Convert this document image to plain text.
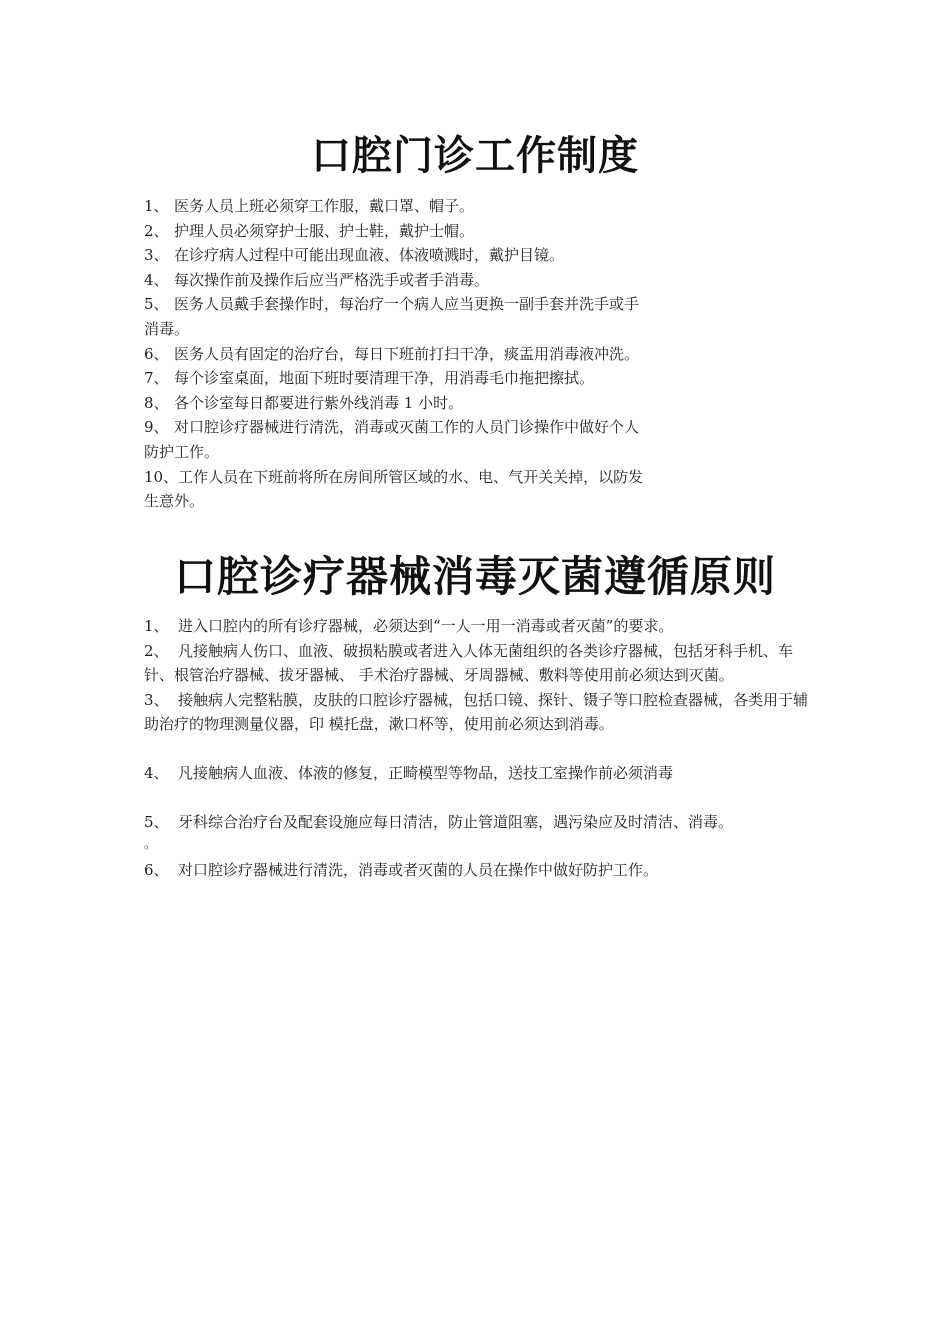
口腔门诊工作制度
1、 医务人员上班必须穿工作服，戴口罩、帽子。
2、 护理人员必须穿护士服、护士鞋，戴护士帽。
3、 在诊疗病人过程中可能出现血液、体液喷溅时，戴护目镜。
4、 每次操作前及操作后应当严格洗手或者手消毒。
5、 医务人员戴手套操作时，每治疗一个病人应当更换一副手套并洗手或手消毒。
6、 医务人员有固定的治疗台，每日下班前打扫干净，痰盂用消毒液冲洗。
7、 每个诊室桌面，地面下班时要清理干净，用消毒毛巾拖把擦拭。
8、 各个诊室每日都要进行紫外线消毒 1 小时。
9、 对口腔诊疗器械进行清洗，消毒或灭菌工作的人员门诊操作中做好个人防护工作。
10、工作人员在下班前将所在房间所管区域的水、电、气开关关掉，以防发生意外。
口腔诊疗器械消毒灭菌遵循原则
1、 进入口腔内的所有诊疗器械，必须达到“一人一用一消毒或者灭菌”的要求。
2、 凡接触病人伤口、血液、破损粘膜或者进入人体无菌组织的各类诊疗器械，包括牙科手机、车针、根管治疗器械、拔牙器械、 手术治疗器械、牙周器械、敷料等使用前必须达到灭菌。
3、 接触病人完整粘膜，皮肤的口腔诊疗器械，包括口镜、探针、镊子等口腔检查器械，各类用于辅助治疗的物理测量仪器，印 模托盘，漱口杯等，使用前必须达到消毒。
4、 凡接触病人血液、体液的修复，正畸模型等物品，送技工室操作前必须消毒
5、 牙科综合治疗台及配套设施应每日清洁，防止管道阻塞，遇污染应及时清洁、消毒。
。
6、 对口腔诊疗器械进行清洗，消毒或者灭菌的人员在操作中做好防护工作。
